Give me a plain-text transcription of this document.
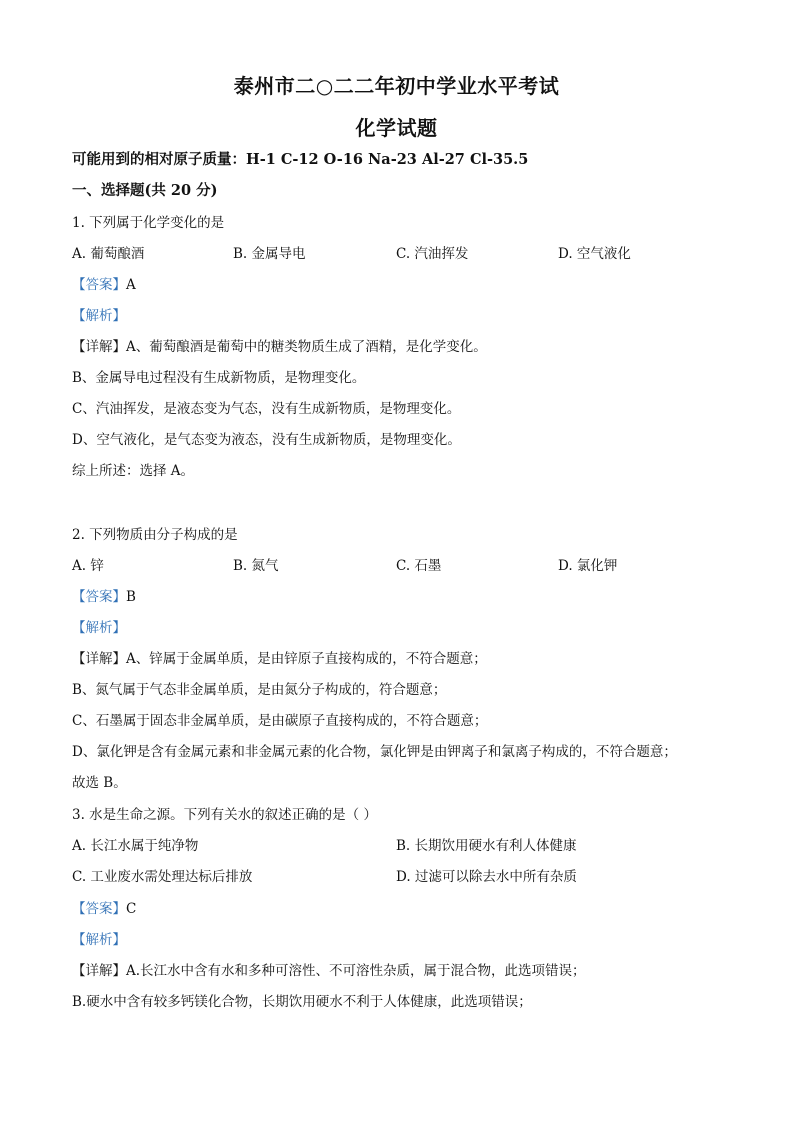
泰州市二○二二年初中学业水平考试
化学试题
可能用到的相对原子质量：H-1 C-12 O-16 Na-23 Al-27 Cl-35.5
一、选择题(共 20 分)
1. 下列属于化学变化的是
A. 葡萄酿酒	B. 金属导电	C. 汽油挥发	D. 空气液化
【答案】A
【解析】
【详解】A、葡萄酿酒是葡萄中的糖类物质生成了酒精，是化学变化。
B、金属导电过程没有生成新物质，是物理变化。
C、汽油挥发，是液态变为气态，没有生成新物质，是物理变化。
D、空气液化，是气态变为液态，没有生成新物质，是物理变化。
综上所述：选择 A。
2. 下列物质由分子构成的是
A. 锌	B. 氮气	C. 石墨	D. 氯化钾
【答案】B
【解析】
【详解】A、锌属于金属单质，是由锌原子直接构成的，不符合题意；
B、氮气属于气态非金属单质，是由氮分子构成的，符合题意；
C、石墨属于固态非金属单质，是由碳原子直接构成的，不符合题意；
D、氯化钾是含有金属元素和非金属元素的化合物，氯化钾是由钾离子和氯离子构成的，不符合题意；
故选 B。
3. 水是生命之源。下列有关水的叙述正确的是（ ）
A. 长江水属于纯净物	B. 长期饮用硬水有利人体健康
C. 工业废水需处理达标后排放	D. 过滤可以除去水中所有杂质
【答案】C
【解析】
【详解】A.长江水中含有水和多种可溶性、不可溶性杂质，属于混合物，此选项错误；
B.硬水中含有较多钙镁化合物，长期饮用硬水不利于人体健康，此选项错误；
